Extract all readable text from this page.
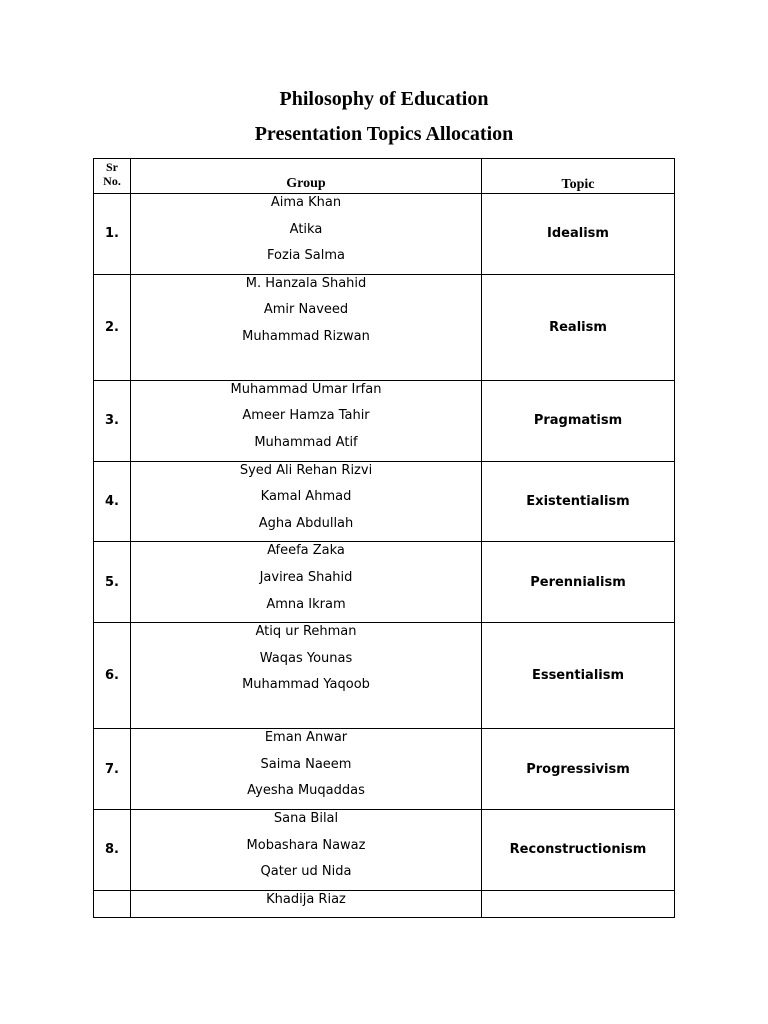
Philosophy of Education
Presentation Topics Allocation
Sr
No.	Group	Topic
1.	Aima Khan
Atika
Fozia Salma	Idealism
2.	M. Hanzala Shahid
Amir Naveed
Muhammad Rizwan	Realism
3.	Muhammad Umar Irfan
Ameer Hamza Tahir
Muhammad Atif	Pragmatism
4.	Syed Ali Rehan Rizvi
Kamal Ahmad
Agha Abdullah	Existentialism
5.	Afeefa Zaka
Javirea Shahid
Amna Ikram	Perennialism
6.	Atiq ur Rehman
Waqas Younas
Muhammad Yaqoob	Essentialism
7.	Eman Anwar
Saima Naeem
Ayesha Muqaddas	Progressivism
8.	Sana Bilal
Mobashara Nawaz
Qater ud Nida	Reconstructionism

	Khadija Riaz	
